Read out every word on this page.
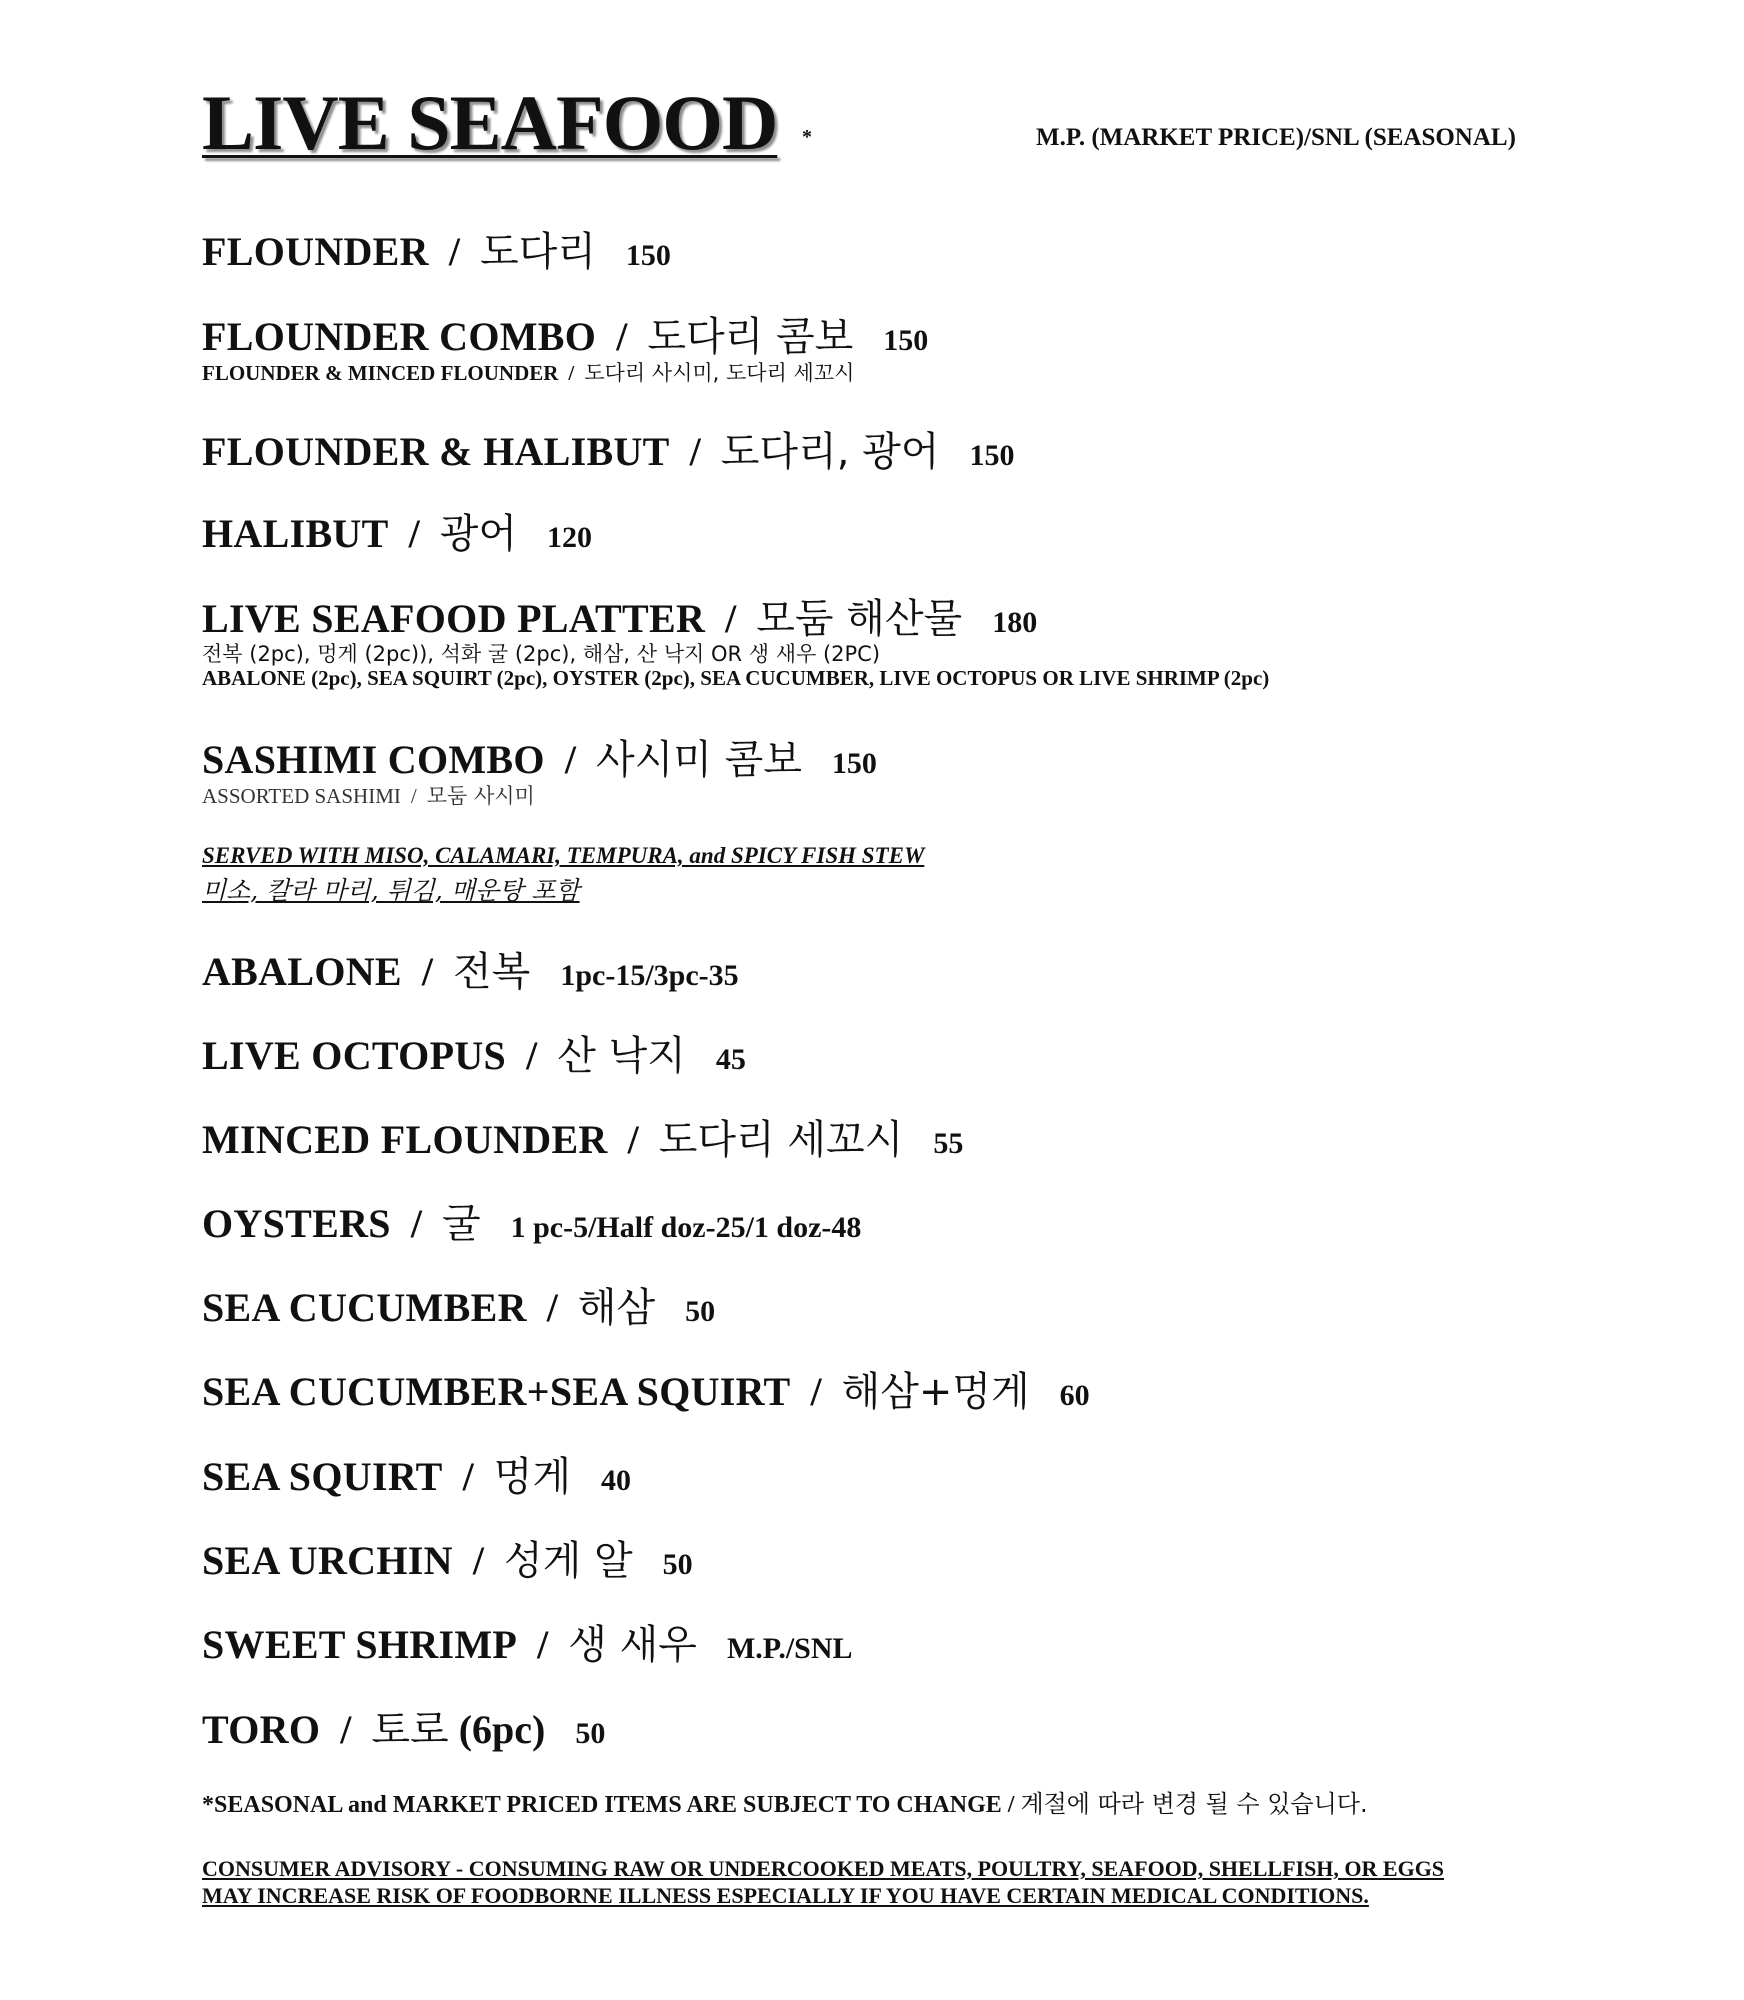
LIVE SEAFOOD *	M.P. (MARKET PRICE)/SNL (SEASONAL)
FLOUNDER / 도다리 150
FLOUNDER COMBO / 도다리 콤보 150
FLOUNDER & MINCED FLOUNDER / 도다리 사시미, 도다리 세꼬시
FLOUNDER & HALIBUT / 도다리, 광어 150
HALIBUT / 광어 120
LIVE SEAFOOD PLATTER / 모둠 해산물 180
전복 (2pc), 멍게 (2pc)), 석화 굴 (2pc), 해삼, 산 낙지 OR 생 새우 (2PC)
ABALONE (2pc), SEA SQUIRT (2pc), OYSTER (2pc), SEA CUCUMBER, LIVE OCTOPUS OR LIVE SHRIMP (2pc)
SASHIMI COMBO / 사시미 콤보 150
ASSORTED SASHIMI / 모둠 사시미
SERVED WITH MISO, CALAMARI, TEMPURA, and SPICY FISH STEW
미소, 칼라 마리, 튀김, 매운탕 포함
ABALONE / 전복 1pc-15/3pc-35
LIVE OCTOPUS / 산 낙지 45
MINCED FLOUNDER / 도다리 세꼬시 55
OYSTERS / 굴 1 pc-5/Half doz-25/1 doz-48
SEA CUCUMBER / 해삼 50
SEA CUCUMBER+SEA SQUIRT / 해삼+멍게 60
SEA SQUIRT / 멍게 40
SEA URCHIN / 성게 알 50
SWEET SHRIMP / 생 새우 M.P./SNL
TORO / 토로 (6pc) 50
*SEASONAL and MARKET PRICED ITEMS ARE SUBJECT TO CHANGE / 계절에 따라 변경 될 수 있습니다.
CONSUMER ADVISORY - CONSUMING RAW OR UNDERCOOKED MEATS, POULTRY, SEAFOOD, SHELLFISH, OR EGGS
MAY INCREASE RISK OF FOODBORNE ILLNESS ESPECIALLY IF YOU HAVE CERTAIN MEDICAL CONDITIONS.
